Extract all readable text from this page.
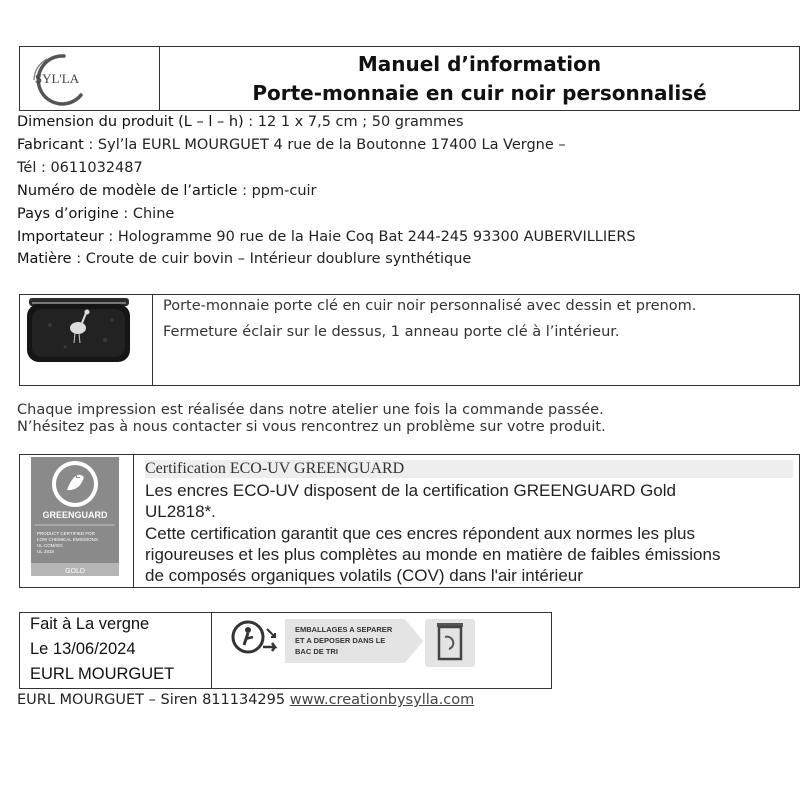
SYL'LA
Manuel d’information
Porte-monnaie en cuir noir personnalisé
Dimension du produit (L – l – h) : 12 1 x 7,5 cm ; 50 grammes
Fabricant : Syl’la EURL MOURGUET 4 rue de la Boutonne 17400 La Vergne –
Tél : 0611032487
Numéro de modèle de l’article : ppm-cuir
Pays d’origine : Chine
Importateur : Hologramme 90 rue de la Haie Coq Bat 244-245 93300 AUBERVILLIERS
Matière : Croute de cuir bovin – Intérieur doublure synthétique
Porte-monnaie porte clé en cuir noir personnalisé avec dessin et prenom.
Fermeture éclair sur le dessus, 1 anneau porte clé à l’intérieur.
Chaque impression est réalisée dans notre atelier une fois la commande passée.
N’hésitez pas à nous contacter si vous rencontrez un problème sur votre produit.
UL
GREENGUARD
PRODUCT CERTIFIED FOR
LOW CHEMICAL EMISSIONS
UL.COM/GG
UL 2818
GOLD
Certification ECO-UV GREENGUARD
Les encres ECO-UV disposent de la certification GREENGUARD Gold
UL2818*.
Cette certification garantit que ces encres répondent aux normes les plus
rigoureuses et les plus complètes au monde en matière de faibles émissions
de composés organiques volatils (COV) dans l'air intérieur
Fait à La vergne
Le 13/06/2024
EURL MOURGUET
EMBALLAGES A SEPARER
ET A DEPOSER DANS LE
BAC DE TRI
EURL MOURGUET – Siren 811134295 www.creationbysylla.com
